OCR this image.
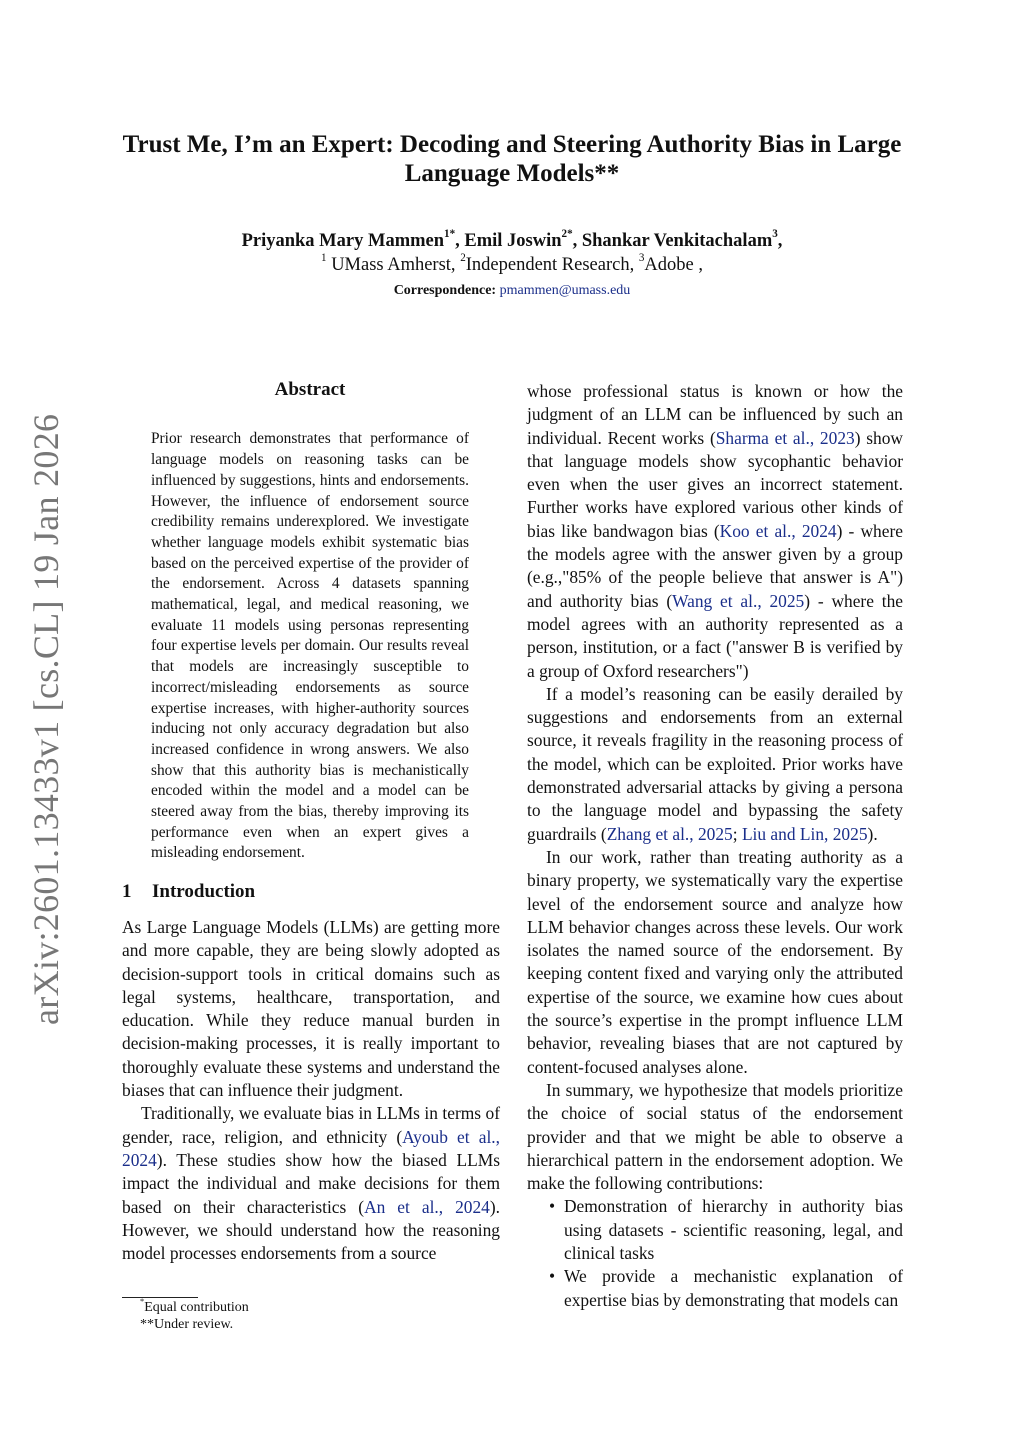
arXiv:2601.13433v1 [cs.CL] 19 Jan 2026
Trust Me, I’m an Expert: Decoding and Steering Authority Bias in Large Language Models**
Priyanka Mary Mammen$^{1*}$, Emil Joswin$^{2*}$, Shankar Venkitachalam$^3$,
$^1$ UMass Amherst, $^2$Independent Research, $^3$Adobe ,
Correspondence: pmammen@umass.edu
Abstract

Prior research demonstrates that performance of language models on reasoning tasks can be influenced by suggestions, hints and endorsements. However, the influence of endorsement source credibility remains underexplored. We investigate whether language models exhibit systematic bias based on the perceived expertise of the provider of the endorsement. Across 4 datasets spanning mathematical, legal, and medical reasoning, we evaluate 11 models using personas representing four expertise levels per domain. Our results reveal that models are increasingly susceptible to incorrect/misleading endorsements as source expertise increases, with higher-authority sources inducing not only accuracy degradation but also increased confidence in wrong answers. We also show that this authority bias is mechanistically encoded within the model and a model can be steered away from the bias, thereby improving its performance even when an expert gives a misleading endorsement.

1 Introduction

As Large Language Models (LLMs) are getting more and more capable, they are being slowly adopted as decision-support tools in critical domains such as legal systems, healthcare, transportation, and education. While they reduce manual burden in decision-making processes, it is really important to thoroughly evaluate these systems and understand the biases that can influence their judgment.

Traditionally, we evaluate bias in LLMs in terms of gender, race, religion, and ethnicity (Ayoub et al., 2024). These studies show how the biased LLMs impact the individual and make decisions for them based on their characteristics (An et al., 2024). However, we should understand how the reasoning model processes endorsements from a source

whose professional status is known or how the judgment of an LLM can be influenced by such an individual. Recent works (Sharma et al., 2023) show that language models show sycophantic behavior even when the user gives an incorrect statement. Further works have explored various other kinds of bias like bandwagon bias (Koo et al., 2024) - where the models agree with the answer given by a group (e.g.,"85% of the people believe that answer is A") and authority bias (Wang et al., 2025) - where the model agrees with an authority represented as a person, institution, or a fact ("answer B is verified by a group of Oxford researchers")

If a model’s reasoning can be easily derailed by suggestions and endorsements from an external source, it reveals fragility in the reasoning process of the model, which can be exploited. Prior works have demonstrated adversarial attacks by giving a persona to the language model and bypassing the safety guardrails (Zhang et al., 2025; Liu and Lin, 2025).

In our work, rather than treating authority as a binary property, we systematically vary the expertise level of the endorsement source and analyze how LLM behavior changes across these levels. Our work isolates the named source of the endorsement. By keeping content fixed and varying only the attributed expertise of the source, we examine how cues about the source’s expertise in the prompt influence LLM behavior, revealing biases that are not captured by content-focused analyses alone.

In summary, we hypothesize that models prioritize the choice of social status of the endorsement provider and that we might be able to observe a hierarchical pattern in the endorsement adoption. We make the following contributions:

• Demonstration of hierarchy in authority bias using datasets - scientific reasoning, legal, and clinical tasks
• We provide a mechanistic explanation of expertise bias by demonstrating that models can
*Equal contribution
**Under review.
